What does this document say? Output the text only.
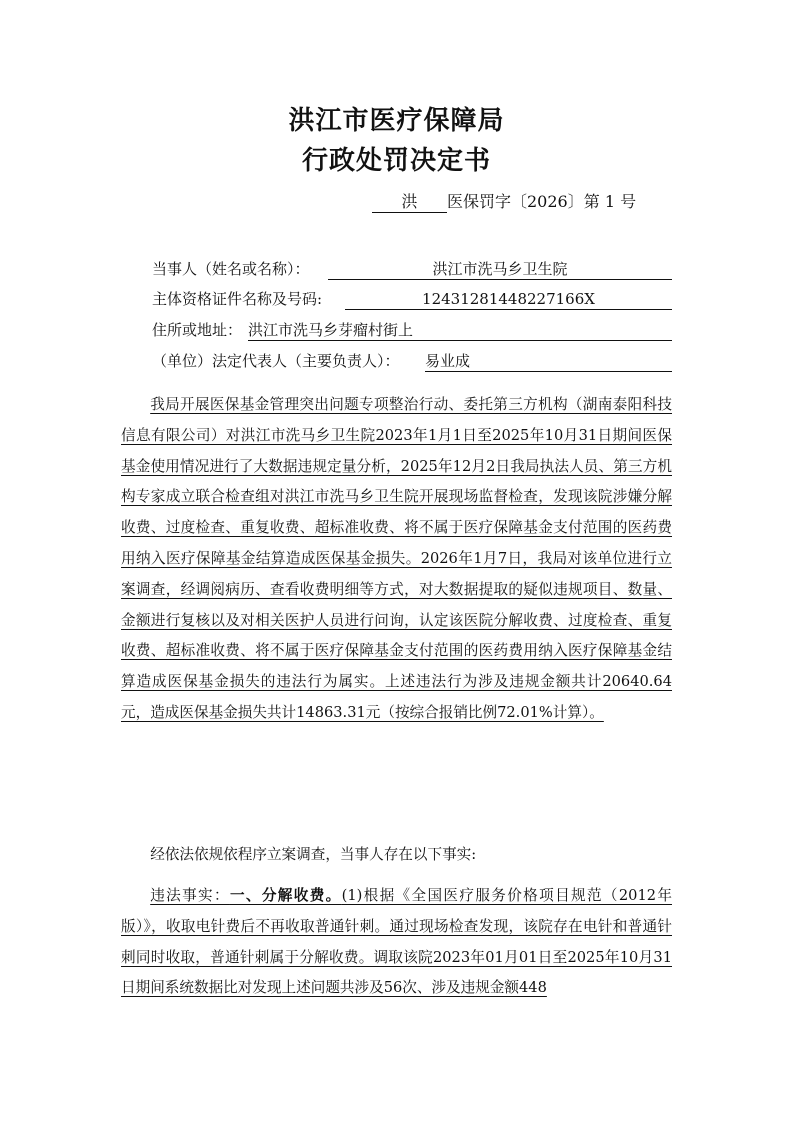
洪江市医疗保障局
行政处罚决定书
洪 医保罚字〔2026〕第 1 号
当事人（姓名或名称）：	洪江市洗马乡卫生院
主体资格证件名称及号码:	12431281448227166X
住所或地址： 洪江市洗马乡芽瘤村街上
（单位）法定代表人（主要负责人）： 易业成

我局开展医保基金管理突出问题专项整治行动、委托第三方机构（湖南泰阳科技信息有限公司）对洪江市洗马乡卫生院2023年1月1日至2025年10月31日期间医保基金使用情况进行了大数据违规定量分析，2025年12月2日我局执法人员、第三方机构专家成立联合检查组对洪江市洗马乡卫生院开展现场监督检查，发现该院涉嫌分解收费、过度检查、重复收费、超标准收费、将不属于医疗保障基金支付范围的医药费用纳入医疗保障基金结算造成医保基金损失。2026年1月7日，我局对该单位进行立案调查，经调阅病历、查看收费明细等方式，对大数据提取的疑似违规项目、数量、金额进行复核以及对相关医护人员进行问询，认定该医院分解收费、过度检查、重复收费、超标准收费、将不属于医疗保障基金支付范围的医药费用纳入医疗保障基金结算造成医保基金损失的违法行为属实。上述违法行为涉及违规金额共计20640.64元，造成医保基金损失共计14863.31元（按综合报销比例72.01%计算）。

经依法依规依程序立案调查，当事人存在以下事实:

违法事实：一、分解收费。(1)根据《全国医疗服务价格项目规范（2012年版）》，收取电针费后不再收取普通针刺。通过现场检查发现，该院存在电针和普通针刺同时收取，普通针刺属于分解收费。调取该院2023年01月01日至2025年10月31日期间系统数据比对发现上述问题共涉及56次、涉及违规金额448
